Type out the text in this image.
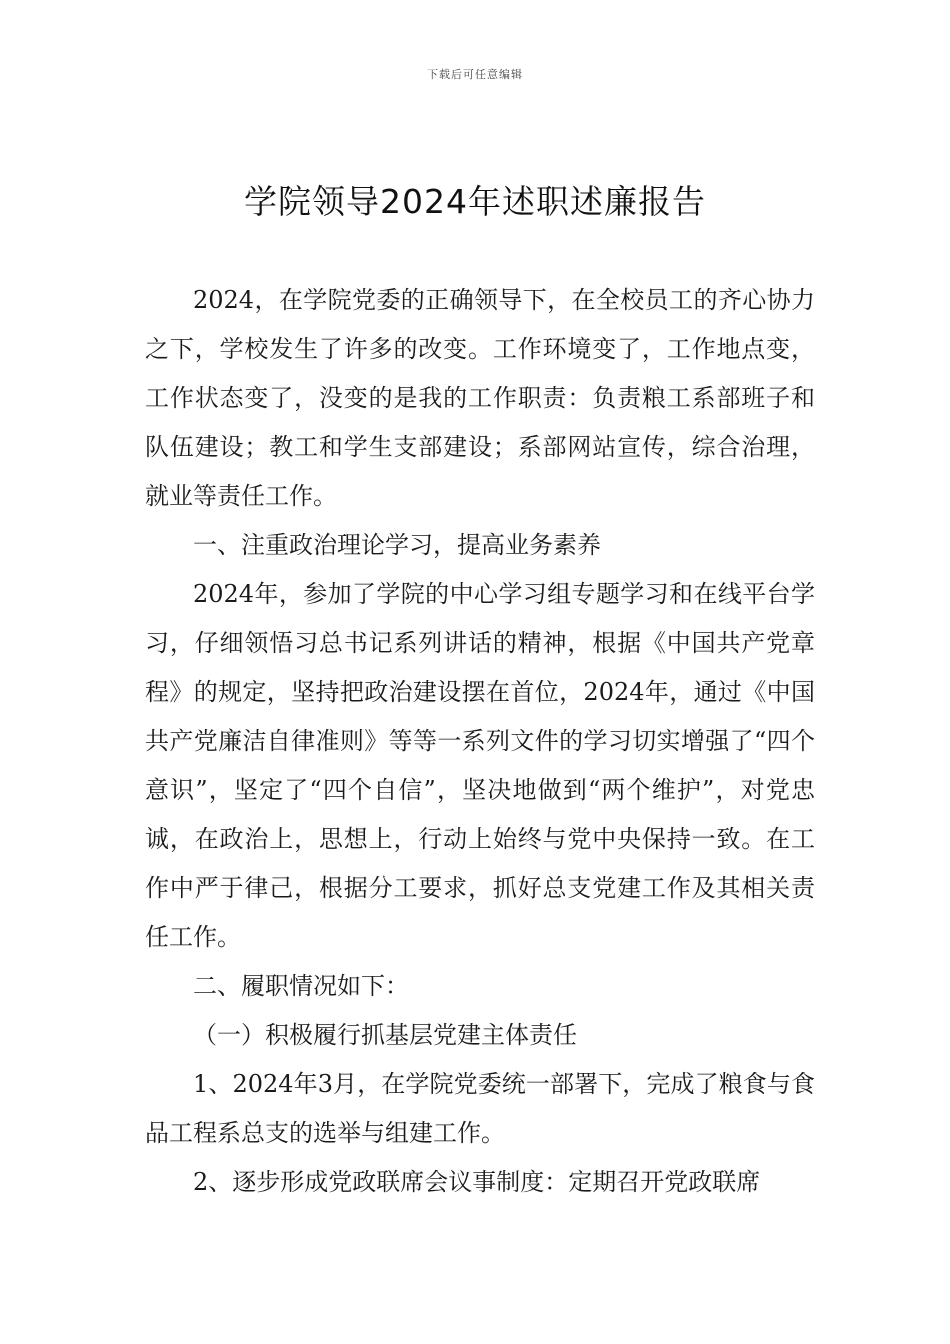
下载后可任意编辑
学院领导2024年述职述廉报告

2024，在学院党委的正确领导下，在全校员工的齐心协力之下，学校发生了许多的改变。工作环境变了，工作地点变，工作状态变了，没变的是我的工作职责：负责粮工系部班子和队伍建设；教工和学生支部建设；系部网站宣传，综合治理，就业等责任工作。

一、注重政治理论学习，提高业务素养

2024年，参加了学院的中心学习组专题学习和在线平台学习，仔细领悟习总书记系列讲话的精神，根据《中国共产党章程》的规定，坚持把政治建设摆在首位，2024年，通过《中国共产党廉洁自律准则》等等一系列文件的学习切实增强了“四个意识”，坚定了“四个自信”，坚决地做到“两个维护”，对党忠诚，在政治上，思想上，行动上始终与党中央保持一致。在工作中严于律己，根据分工要求，抓好总支党建工作及其相关责任工作。

二、履职情况如下：

（一）积极履行抓基层党建主体责任

1、2024年3月，在学院党委统一部署下，完成了粮食与食品工程系总支的选举与组建工作。

2、逐步形成党政联席会议事制度：定期召开党政联席
